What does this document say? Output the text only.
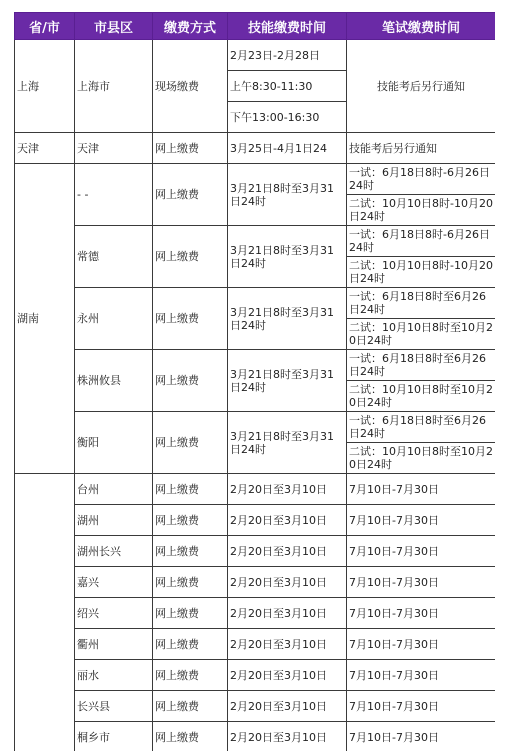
省/市	市县区	缴费方式	技能缴费时间	笔试缴费时间
上海	上海市	现场缴费	2月23日-2月28日	技能考后另行通知
			上午8:30-11:30	
			下午13:00-16:30	
天津	天津	网上缴费	3月25日-4月1日24	技能考后另行通知
湖南	- -	网上缴费	3月21日8时至3月31日24时	一试：6月18日8时-6月26日24时
				二试：10月10日8时-10月20日24时
	常德	网上缴费	3月21日8时至3月31日24时	一试：6月18日8时-6月26日24时
				二试：10月10日8时-10月20日24时
	永州	网上缴费	3月21日8时至3月31日24时	一试：6月18日8时至6月26日24时
				二试：10月10日8时至10月20日24时
	株洲攸县	网上缴费	3月21日8时至3月31日24时	一试：6月18日8时至6月26日24时
				二试：10月10日8时至10月20日24时
	衡阳	网上缴费	3月21日8时至3月31日24时	一试：6月18日8时至6月26日24时
				二试：10月10日8时至10月20日24时
	台州	网上缴费	2月20日至3月10日	7月10日-7月30日
	湖州	网上缴费	2月20日至3月10日	7月10日-7月30日
	湖州长兴	网上缴费	2月20日至3月10日	7月10日-7月30日
	嘉兴	网上缴费	2月20日至3月10日	7月10日-7月30日
	绍兴	网上缴费	2月20日至3月10日	7月10日-7月30日
	衢州	网上缴费	2月20日至3月10日	7月10日-7月30日
	丽水	网上缴费	2月20日至3月10日	7月10日-7月30日
	长兴县	网上缴费	2月20日至3月10日	7月10日-7月30日
	桐乡市	网上缴费	2月20日至3月10日	7月10日-7月30日
